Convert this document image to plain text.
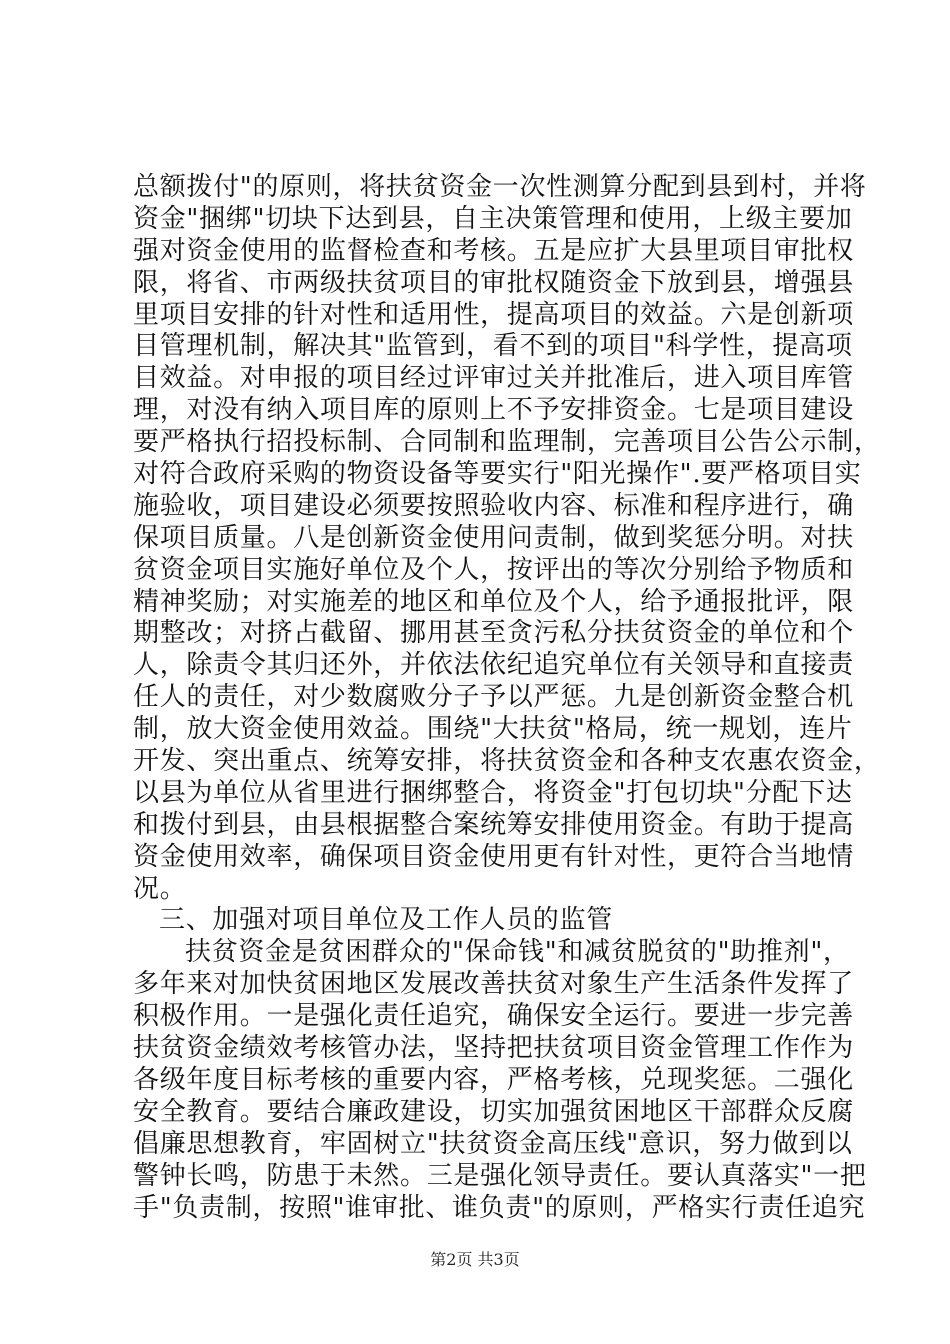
总额拨付"的原则，将扶贫资金一次性测算分配到县到村，并将
资金"捆绑"切块下达到县，自主决策管理和使用，上级主要加
强对资金使用的监督检查和考核。五是应扩大县里项目审批权
限，将省、市两级扶贫项目的审批权随资金下放到县，增强县
里项目安排的针对性和适用性，提高项目的效益。六是创新项
目管理机制，解决其"监管到，看不到的项目"科学性，提高项
目效益。对申报的项目经过评审过关并批准后，进入项目库管
理，对没有纳入项目库的原则上不予安排资金。七是项目建设
要严格执行招投标制、合同制和监理制，完善项目公告公示制，
对符合政府采购的物资设备等要实行"阳光操作".要严格项目实
施验收，项目建设必须要按照验收内容、标准和程序进行，确
保项目质量。八是创新资金使用问责制，做到奖惩分明。对扶
贫资金项目实施好单位及个人，按评出的等次分别给予物质和
精神奖励；对实施差的地区和单位及个人，给予通报批评，限
期整改；对挤占截留、挪用甚至贪污私分扶贫资金的单位和个
人，除责令其归还外，并依法依纪追究单位有关领导和直接责
任人的责任，对少数腐败分子予以严惩。九是创新资金整合机
制，放大资金使用效益。围绕"大扶贫"格局，统一规划，连片
开发、突出重点、统筹安排，将扶贫资金和各种支农惠农资金，
以县为单位从省里进行捆绑整合，将资金"打包切块"分配下达
和拨付到县，由县根据整合案统筹安排使用资金。有助于提高
资金使用效率，确保项目资金使用更有针对性，更符合当地情
况。
三、加强对项目单位及工作人员的监管
扶贫资金是贫困群众的"保命钱"和减贫脱贫的"助推剂"，
多年来对加快贫困地区发展改善扶贫对象生产生活条件发挥了
积极作用。一是强化责任追究，确保安全运行。要进一步完善
扶贫资金绩效考核管办法，坚持把扶贫项目资金管理工作作为
各级年度目标考核的重要内容，严格考核，兑现奖惩。二强化
安全教育。要结合廉政建设，切实加强贫困地区干部群众反腐
倡廉思想教育，牢固树立"扶贫资金高压线"意识，努力做到以
警钟长鸣，防患于未然。三是强化领导责任。要认真落实"一把
手"负责制，按照"谁审批、谁负责"的原则，严格实行责任追究
第2页 共3页
